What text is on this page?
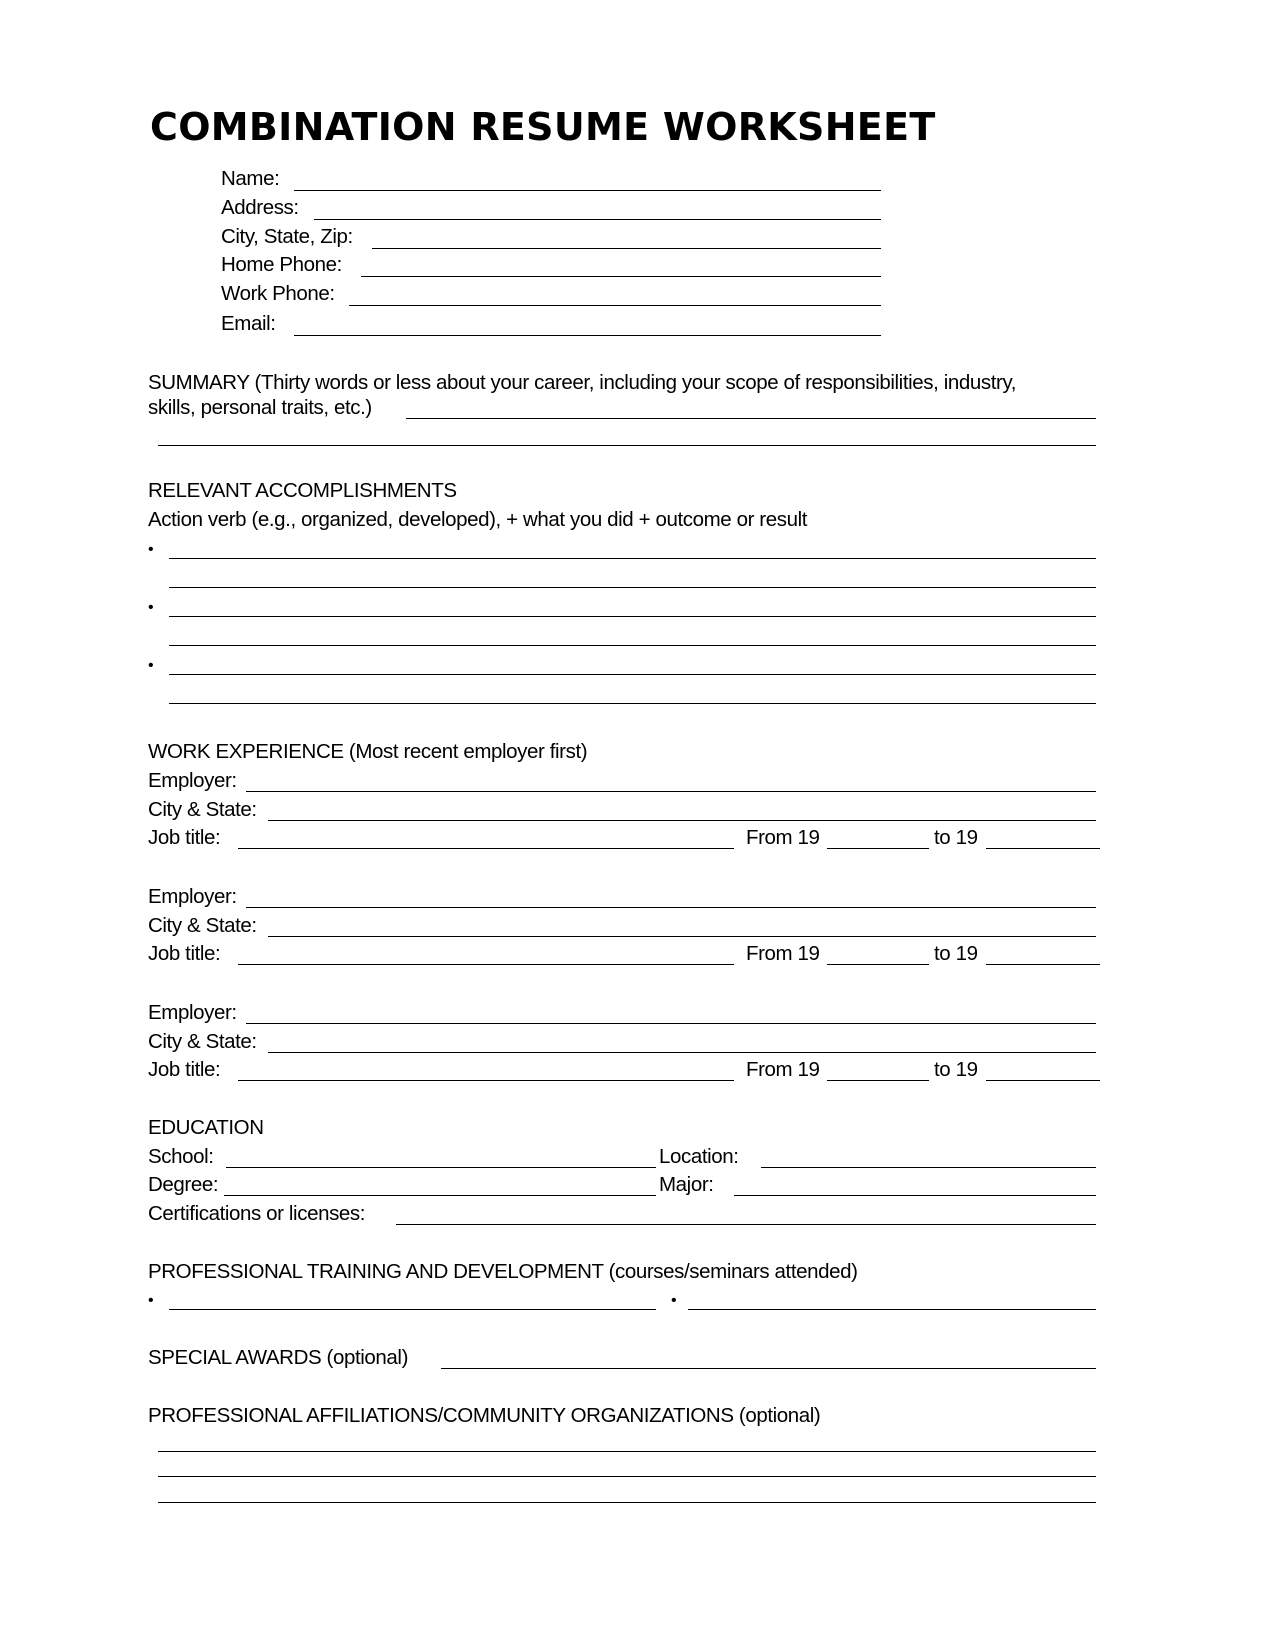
COMBINATION RESUME WORKSHEET
Name:
Address:
City, State, Zip:
Home Phone:
Work Phone:
Email:
SUMMARY (Thirty words or less about your career, including your scope of responsibilities, industry,
skills, personal traits, etc.)
RELEVANT ACCOMPLISHMENTS
Action verb (e.g., organized, developed), + what you did + outcome or result
•
•
•
WORK EXPERIENCE (Most recent employer first)
Employer:
City & State:
Job title:	From 19	to 19
Employer:
City & State:
Job title:	From 19	to 19
Employer:
City & State:
Job title:	From 19	to 19
EDUCATION
School:	Location:
Degree:	Major:
Certifications or licenses:
PROFESSIONAL TRAINING AND DEVELOPMENT (courses/seminars attended)
•	•
SPECIAL AWARDS (optional)
PROFESSIONAL AFFILIATIONS/COMMUNITY ORGANIZATIONS (optional)
